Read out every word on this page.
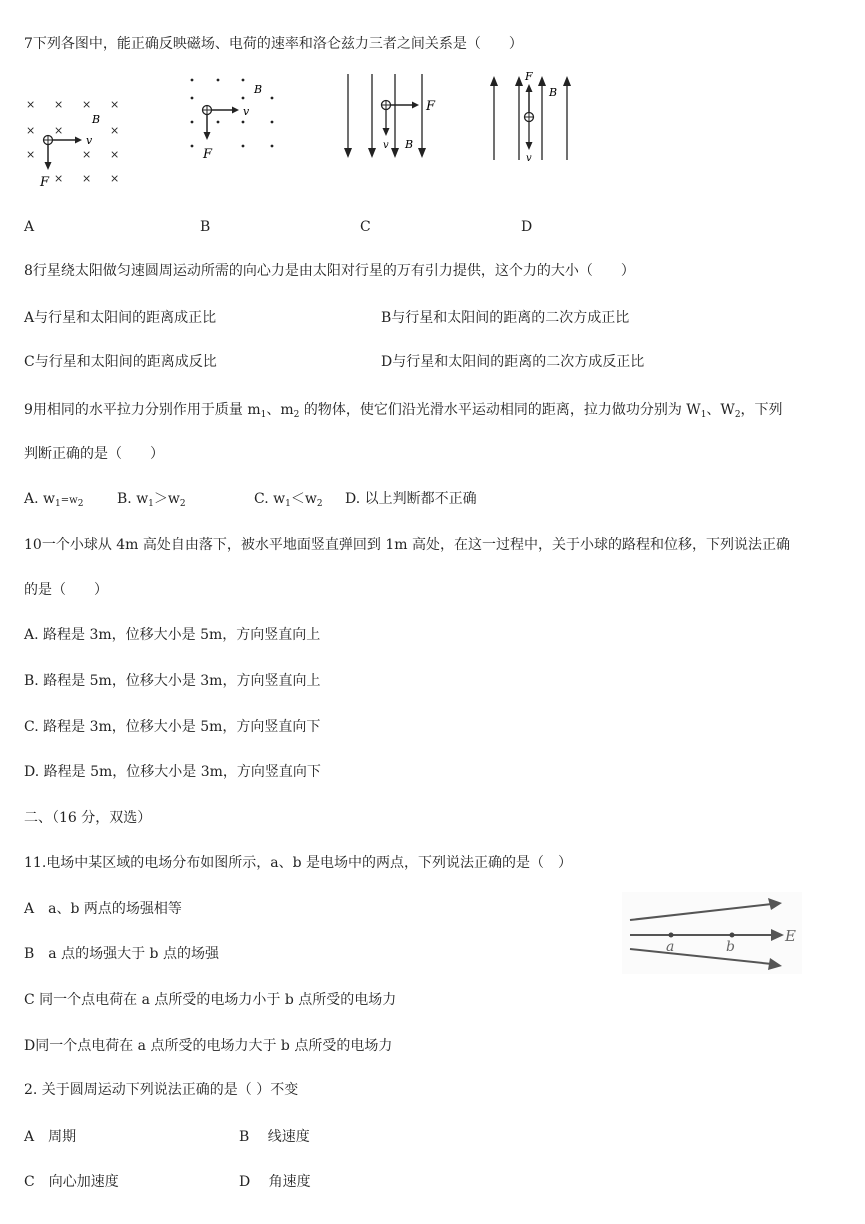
7下列各图中，能正确反映磁场、电荷的速率和洛仑兹力三者之间关系是（　　）
× × × ×
× ×	×
×	× ×
× × ×
B
v
F
B
v
F
F
v B
F
B
v
A	B	C	D
8行星绕太阳做匀速圆周运动所需的向心力是由太阳对行星的万有引力提供，这个力的大小（　　）
A与行星和太阳间的距离成正比	B与行星和太阳间的距离的二次方成正比
C与行星和太阳间的距离成反比	D与行星和太阳间的距离的二次方成反正比
9用相同的水平拉力分别作用于质量 $m_1$、$m_2$ 的物体，使它们沿光滑水平运动相同的距离，拉力做功分别为 $W_1$、$W_2$，下列
判断正确的是（　　）
A. $w_1=w_2$ B. $w_1>w_2$	C. $w_1<w_2$ D. 以上判断都不正确
10一个小球从 4m 高处自由落下，被水平地面竖直弹回到 1m 高处，在这一过程中，关于小球的路程和位移，下列说法正确
的是（　　）
A. 路程是 3m，位移大小是 5m，方向竖直向上
B. 路程是 5m，位移大小是 3m，方向竖直向上
C. 路程是 3m，位移大小是 5m，方向竖直向下
D. 路程是 5m，位移大小是 3m，方向竖直向下
二、（16 分，双选）
11.电场中某区域的电场分布如图所示，a、b 是电场中的两点，下列说法正确的是（　）
A　a、b 两点的场强相等
B　a 点的场强大于 b 点的场强
C 同一个点电荷在 a 点所受的电场力小于 b 点所受的电场力
D同一个点电荷在 a 点所受的电场力大于 b 点所受的电场力
a	b
E
2. 关于圆周运动下列说法正确的是（ ）不变
A　周期	B　 线速度
C　向心加速度	D　 角速度
